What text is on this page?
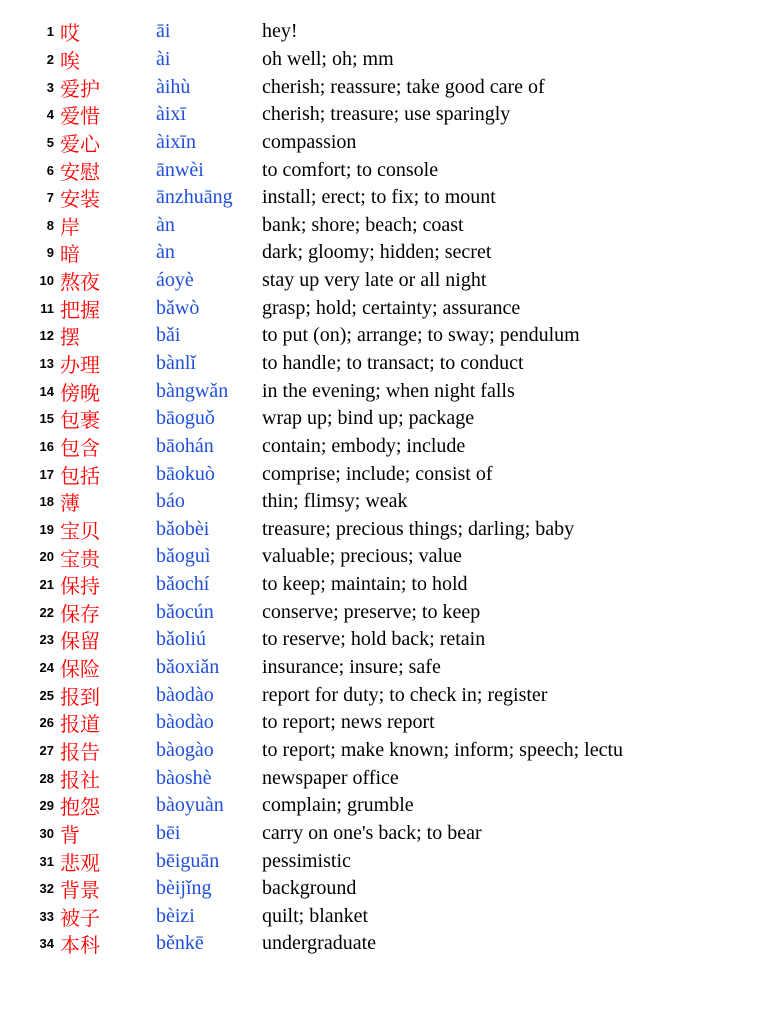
1 哎	āi	hey!
2 唉	ài	oh well; oh; mm
3 爱护	àihù	cherish; reassure; take good care of
4 爱惜	àixī	cherish; treasure; use sparingly
5 爱心	àixīn	compassion
6 安慰	ānwèi	to comfort; to console
7 安装	ānzhuāng	install; erect; to fix; to mount
8 岸	àn	bank; shore; beach; coast
9 暗	àn	dark; gloomy; hidden; secret
10 熬夜	áoyè	stay up very late or all night
11 把握	bǎwò	grasp; hold; certainty; assurance
12 摆	bǎi	to put (on); arrange; to sway; pendulum
13 办理	bànlǐ	to handle; to transact; to conduct
14 傍晚	bàngwǎn	in the evening; when night falls
15 包裹	bāoguǒ	wrap up; bind up; package
16 包含	bāohán	contain; embody; include
17 包括	bāokuò	comprise; include; consist of
18 薄	báo	thin; flimsy; weak
19 宝贝	bǎobèi	treasure; precious things; darling; baby
20 宝贵	bǎoguì	valuable; precious; value
21 保持	bǎochí	to keep; maintain; to hold
22 保存	bǎocún	conserve; preserve; to keep
23 保留	bǎoliú	to reserve; hold back; retain
24 保险	bǎoxiǎn	insurance; insure; safe
25 报到	bàodào	report for duty; to check in; register
26 报道	bàodào	to report; news report
27 报告	bàogào	to report; make known; inform; speech; lectu
28 报社	bàoshè	newspaper office
29 抱怨	bàoyuàn	complain; grumble
30 背	bēi	carry on one's back; to bear
31 悲观	bēiguān	pessimistic
32 背景	bèijǐng	background
33 被子	bèizi	quilt; blanket
34 本科	běnkē	undergraduate
